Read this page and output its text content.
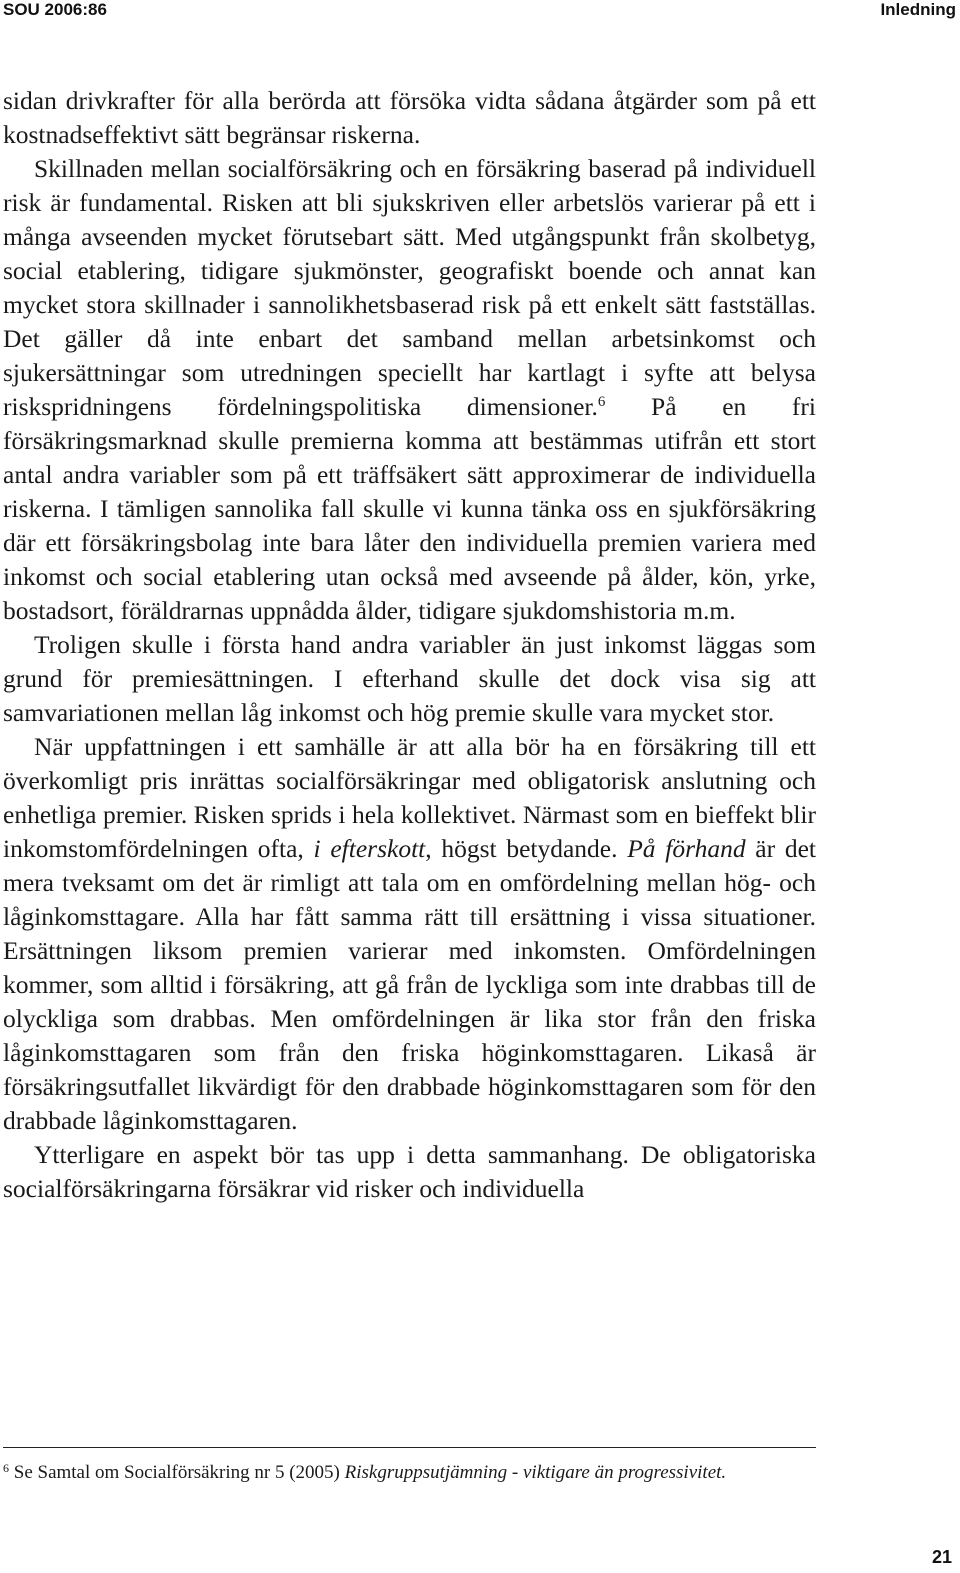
SOU 2006:86	Inledning

sidan drivkrafter för alla berörda att försöka vidta sådana åtgärder som på ett kostnadseffektivt sätt begränsar riskerna.

Skillnaden mellan socialförsäkring och en försäkring baserad på individuell risk är fundamental. Risken att bli sjukskriven eller arbetslös varierar på ett i många avseenden mycket förutsebart sätt. Med utgångspunkt från skolbetyg, social etablering, tidigare sjukmönster, geografiskt boende och annat kan mycket stora skillnader i sannolikhetsbaserad risk på ett enkelt sätt fastställas. Det gäller då inte enbart det samband mellan arbetsinkomst och sjukersättningar som utredningen speciellt har kartlagt i syfte att belysa riskspridningens fördelningspolitiska dimensioner.$^6$ På en fri försäkringsmarknad skulle premierna komma att bestämmas utifrån ett stort antal andra variabler som på ett träffsäkert sätt approximerar de individuella riskerna. I tämligen sannolika fall skulle vi kunna tänka oss en sjukförsäkring där ett försäkringsbolag inte bara låter den individuella premien variera med inkomst och social etablering utan också med avseende på ålder, kön, yrke, bostadsort, föräldrarnas uppnådda ålder, tidigare sjukdomshistoria m.m.

Troligen skulle i första hand andra variabler än just inkomst läggas som grund för premiesättningen. I efterhand skulle det dock visa sig att samvariationen mellan låg inkomst och hög premie skulle vara mycket stor.

När uppfattningen i ett samhälle är att alla bör ha en försäkring till ett överkomligt pris inrättas socialförsäkringar med obligatorisk anslutning och enhetliga premier. Risken sprids i hela kollektivet. Närmast som en bieffekt blir inkomstomfördelningen ofta, i efterskott, högst betydande. På förhand är det mera tveksamt om det är rimligt att tala om en omfördelning mellan hög- och låginkomsttagare. Alla har fått samma rätt till ersättning i vissa situationer. Ersättningen liksom premien varierar med inkomsten. Omfördelningen kommer, som alltid i försäkring, att gå från de lyckliga som inte drabbas till de olyckliga som drabbas. Men omfördelningen är lika stor från den friska låginkomsttagaren som från den friska höginkomsttagaren. Likaså är försäkringsutfallet likvärdigt för den drabbade höginkomsttagaren som för den drabbade låginkomsttagaren.

Ytterligare en aspekt bör tas upp i detta sammanhang. De obligatoriska socialförsäkringarna försäkrar vid risker och individuella

$^6$ Se Samtal om Socialförsäkring nr 5 (2005) Riskgruppsutjämning - viktigare än progressivitet.
21
